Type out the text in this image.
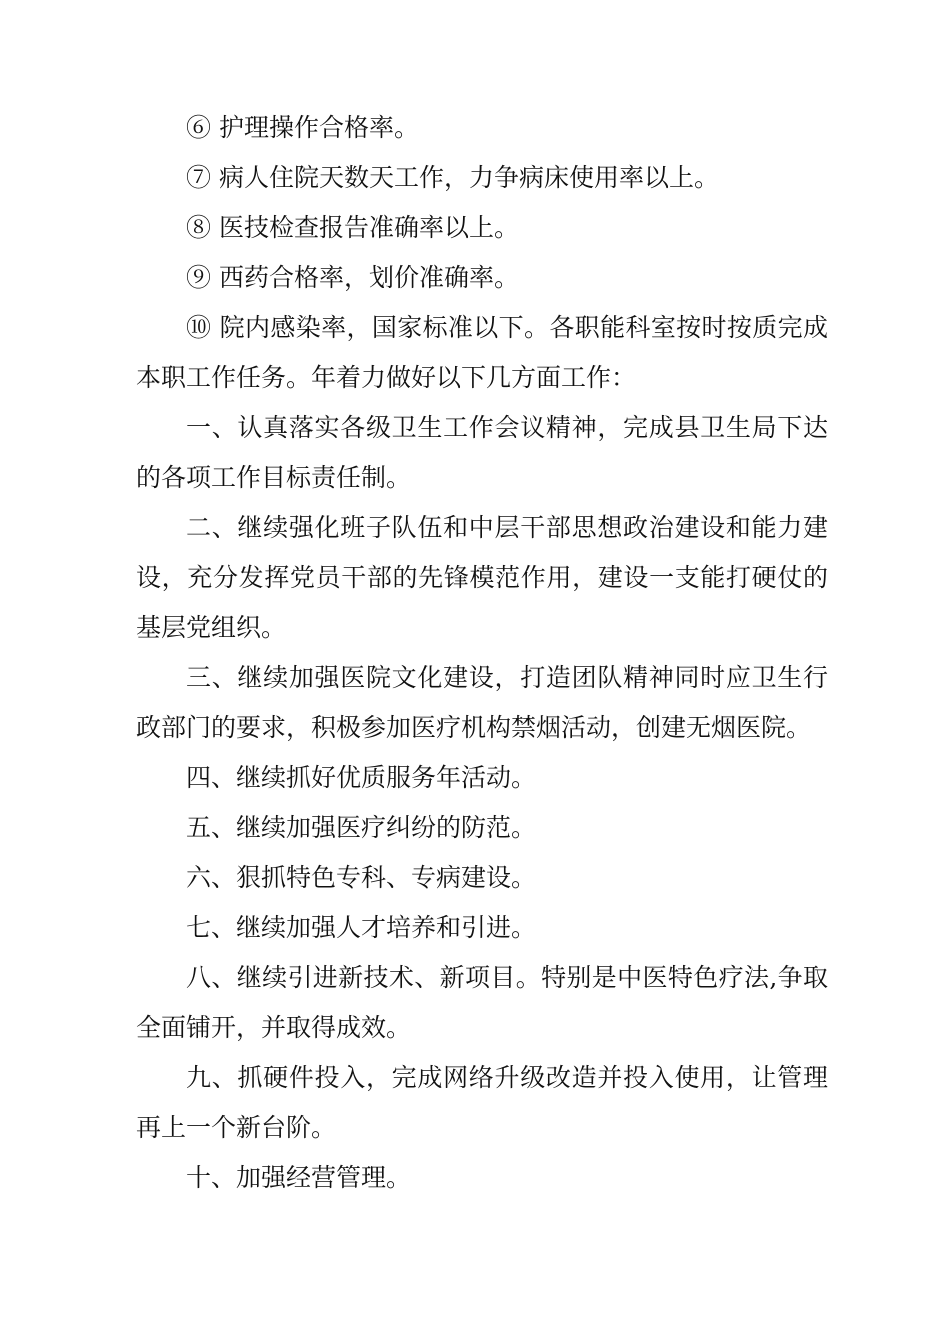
⑥ 护理操作合格率。

⑦ 病人住院天数天工作，力争病床使用率以上。

⑧ 医技检查报告准确率以上。

⑨ 西药合格率，划价准确率。

⑩ 院内感染率，国家标准以下。各职能科室按时按质完成本职工作任务。年着力做好以下几方面工作：

一、认真落实各级卫生工作会议精神，完成县卫生局下达的各项工作目标责任制。

二、继续强化班子队伍和中层干部思想政治建设和能力建设，充分发挥党员干部的先锋模范作用，建设一支能打硬仗的基层党组织。

三、继续加强医院文化建设，打造团队精神同时应卫生行政部门的要求，积极参加医疗机构禁烟活动，创建无烟医院。

四、继续抓好优质服务年活动。

五、继续加强医疗纠纷的防范。

六、狠抓特色专科、专病建设。

七、继续加强人才培养和引进。

八、继续引进新技术、新项目。特别是中医特色疗法,争取全面铺开，并取得成效。

九、抓硬件投入，完成网络升级改造并投入使用，让管理再上一个新台阶。

十、加强经营管理。
